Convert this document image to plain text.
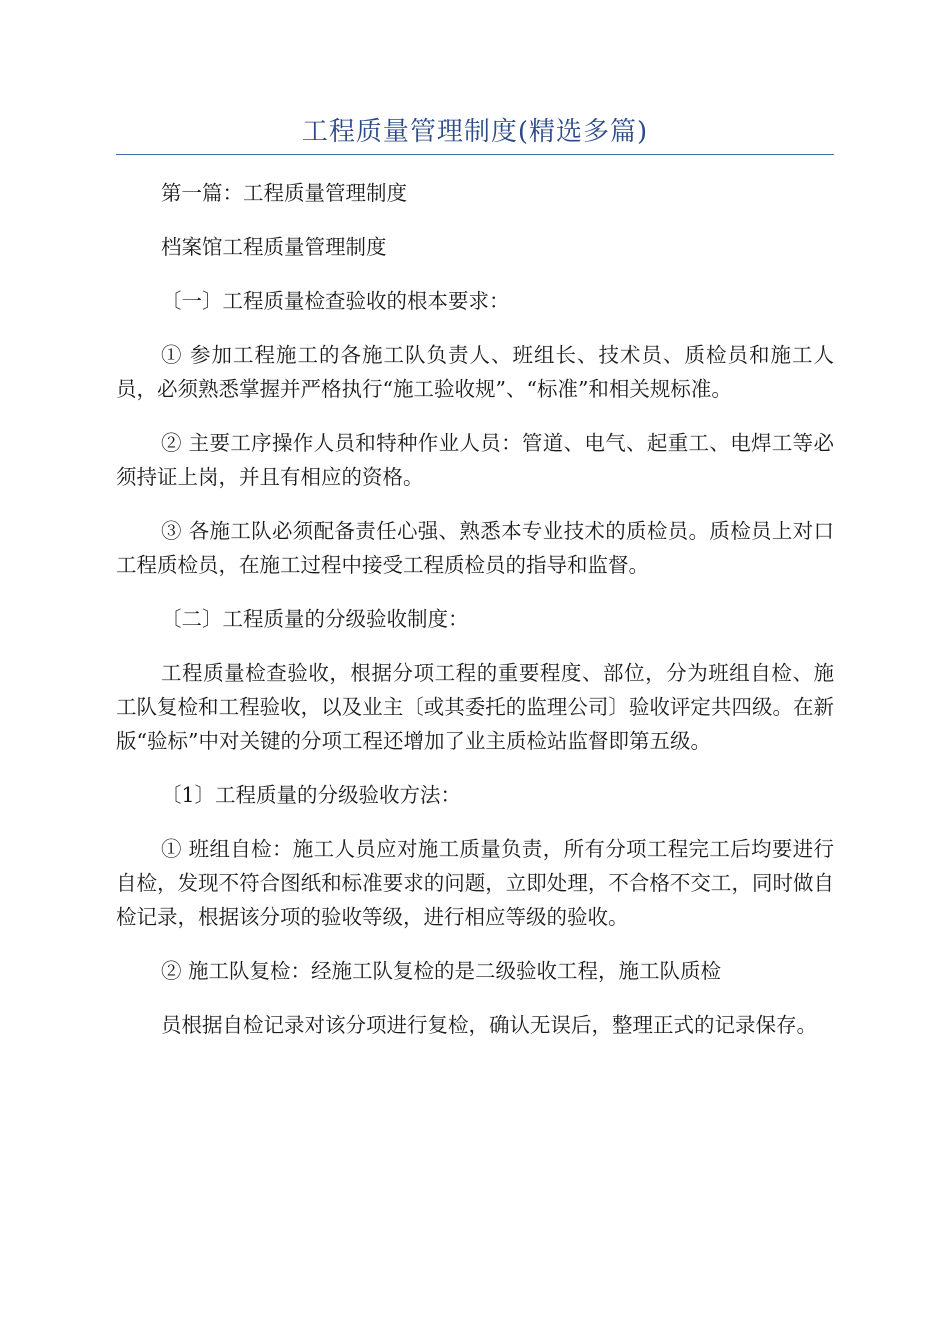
工程质量管理制度(精选多篇)

第一篇：工程质量管理制度

档案馆工程质量管理制度

〔一〕工程质量检查验收的根本要求：

① 参加工程施工的各施工队负责人、班组长、技术员、质检员和施工人员，必须熟悉掌握并严格执行“施工验收规”、“标准”和相关规标准。

② 主要工序操作人员和特种作业人员：管道、电气、起重工、电焊工等必须持证上岗，并且有相应的资格。

③ 各施工队必须配备责任心强、熟悉本专业技术的质检员。质检员上对口工程质检员，在施工过程中接受工程质检员的指导和监督。

〔二〕工程质量的分级验收制度：

工程质量检查验收，根据分项工程的重要程度、部位，分为班组自检、施工队复检和工程验收，以及业主〔或其委托的监理公司〕验收评定共四级。在新版“验标”中对关键的分项工程还增加了业主质检站监督即第五级。

〔1〕工程质量的分级验收方法：

① 班组自检：施工人员应对施工质量负责，所有分项工程完工后均要进行自检，发现不符合图纸和标准要求的问题，立即处理，不合格不交工，同时做自检记录，根据该分项的验收等级，进行相应等级的验收。

② 施工队复检：经施工队复检的是二级验收工程，施工队质检

员根据自检记录对该分项进行复检，确认无误后，整理正式的记录保存。
